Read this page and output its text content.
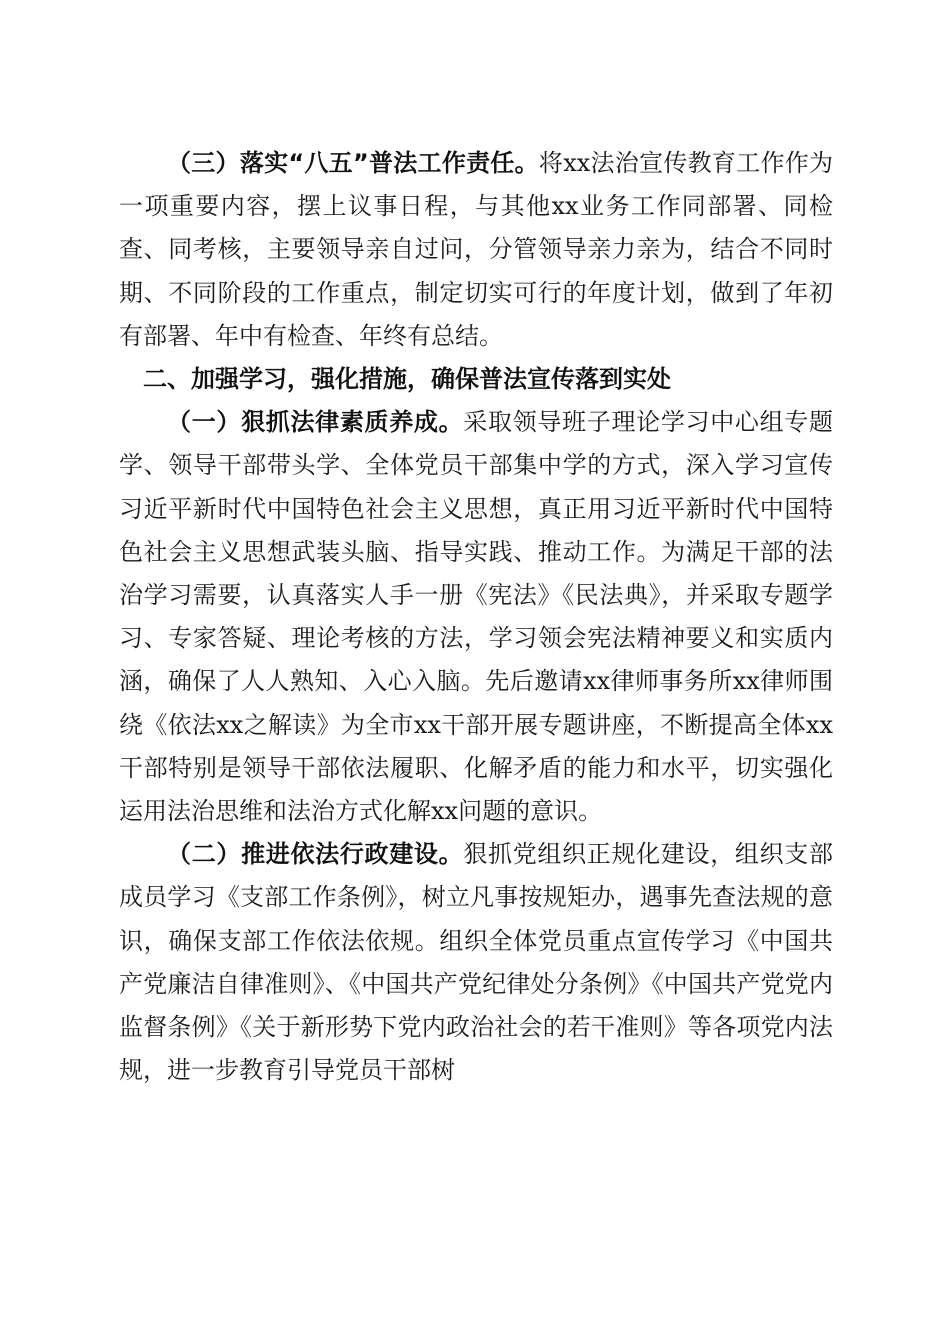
（三）落实“八五”普法工作责任。将xx法治宣传教育工作作为一项重要内容，摆上议事日程，与其他xx业务工作同部署、同检查、同考核，主要领导亲自过问，分管领导亲力亲为，结合不同时期、不同阶段的工作重点，制定切实可行的年度计划，做到了年初有部署、年中有检查、年终有总结。

二、加强学习，强化措施，确保普法宣传落到实处

（一）狠抓法律素质养成。采取领导班子理论学习中心组专题学、领导干部带头学、全体党员干部集中学的方式，深入学习宣传习近平新时代中国特色社会主义思想，真正用习近平新时代中国特色社会主义思想武装头脑、指导实践、推动工作。为满足干部的法治学习需要，认真落实人手一册《宪法》《民法典》，并采取专题学习、专家答疑、理论考核的方法，学习领会宪法精神要义和实质内涵，确保了人人熟知、入心入脑。先后邀请xx律师事务所xx律师围绕《依法xx之解读》为全市xx干部开展专题讲座，不断提高全体xx干部特别是领导干部依法履职、化解矛盾的能力和水平，切实强化运用法治思维和法治方式化解xx问题的意识。

（二）推进依法行政建设。狠抓党组织正规化建设，组织支部成员学习《支部工作条例》，树立凡事按规矩办，遇事先查法规的意识，确保支部工作依法依规。组织全体党员重点宣传学习《中国共产党廉洁自律准则》、《中国共产党纪律处分条例》《中国共产党党内监督条例》《关于新形势下党内政治社会的若干准则》等各项党内法规，进一步教育引导党员干部树
